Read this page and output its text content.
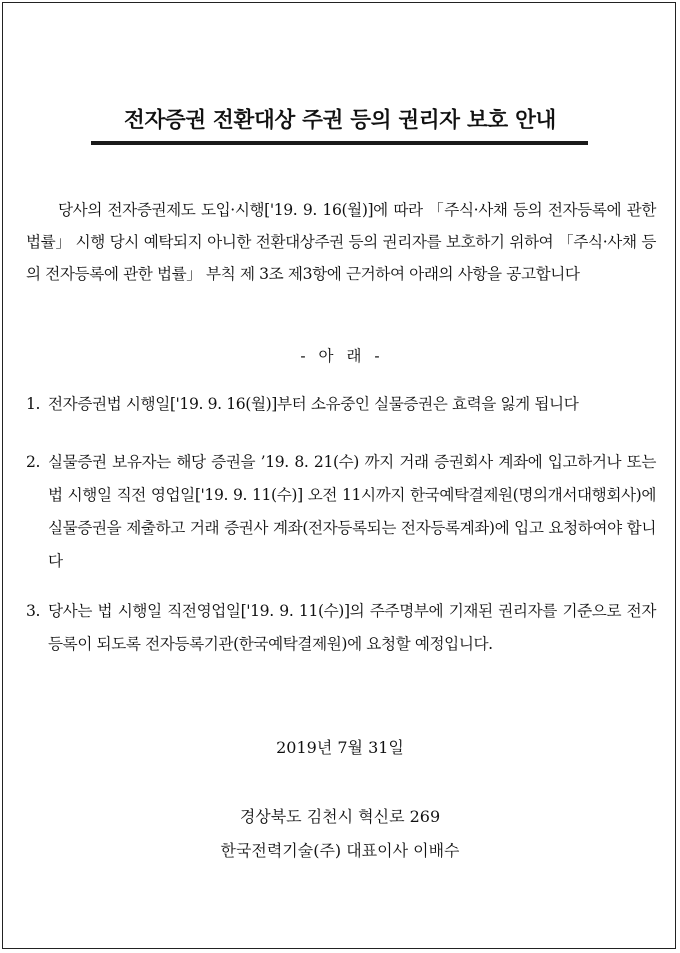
전자증권 전환대상 주권 등의 권리자 보호 안내

당사의 전자증권제도 도입·시행['19. 9. 16(월)]에 따라 「주식·사채 등의 전자등록에 관한 법률」 시행 당시 예탁되지 아니한 전환대상주권 등의 권리자를 보호하기 위하여 「주식·사채 등의 전자등록에 관한 법률」 부칙 제 3조 제3항에 근거하여 아래의 사항을 공고합니다

- 아 래 -
1. 전자증권법 시행일['19. 9. 16(월)]부터 소유중인 실물증권은 효력을 잃게 됩니다
2. 실물증권 보유자는 해당 증권을 ’19. 8. 21(수) 까지 거래 증권회사 계좌에 입고하거나 또는 법 시행일 직전 영업일['19. 9. 11(수)] 오전 11시까지 한국예탁결제원(명의개서대행회사)에 실물증권을 제출하고 거래 증권사 계좌(전자등록되는 전자등록계좌)에 입고 요청하여야 합니다
3. 당사는 법 시행일 직전영업일['19. 9. 11(수)]의 주주명부에 기재된 권리자를 기준으로 전자등록이 되도록 전자등록기관(한국예탁결제원)에 요청할 예정입니다.
2019년 7월 31일
경상북도 김천시 혁신로 269
한국전력기술(주) 대표이사 이배수
